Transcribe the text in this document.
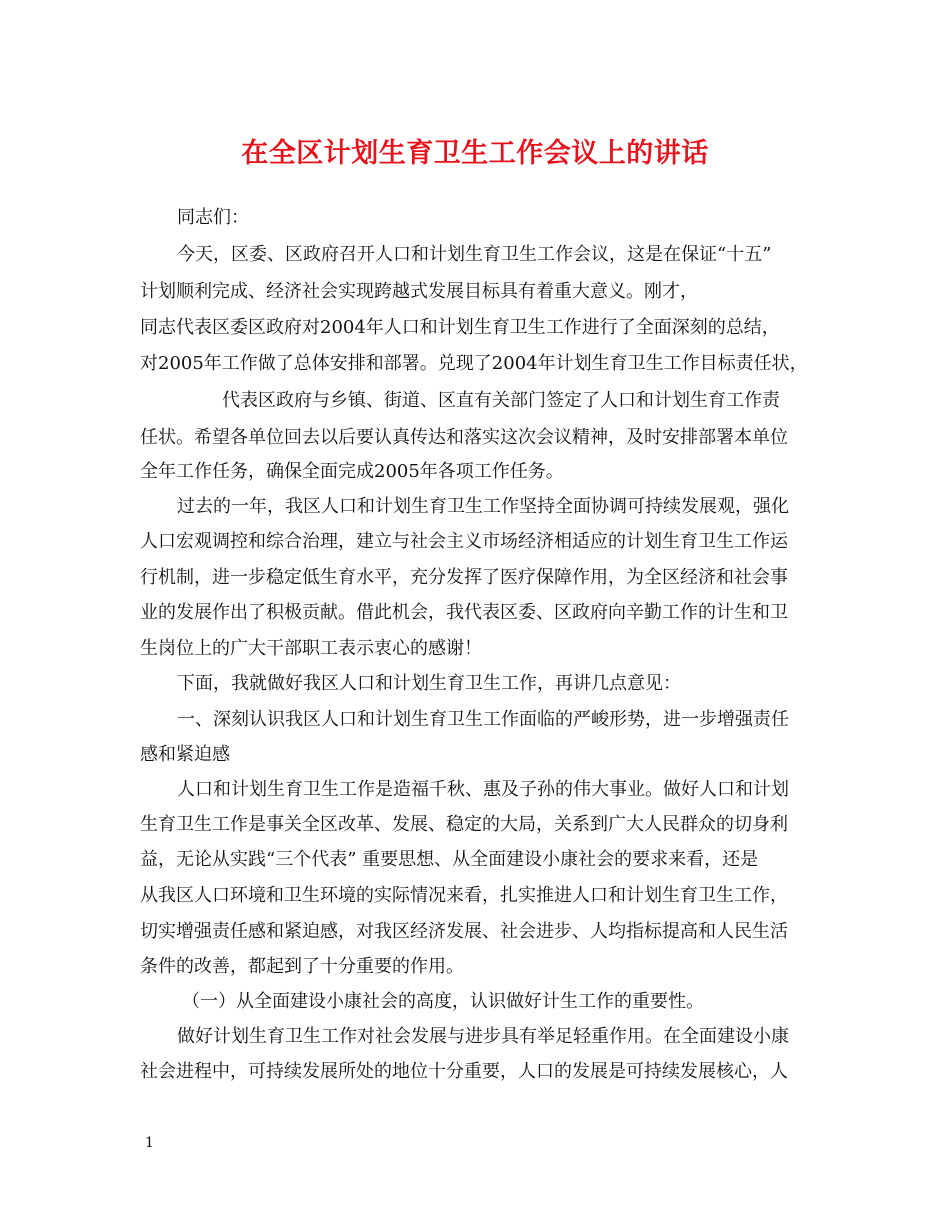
在全区计划生育卫生工作会议上的讲话
同志们：
今天，区委、区政府召开人口和计划生育卫生工作会议，这是在保证“十五”
计划顺利完成、经济社会实现跨越式发展目标具有着重大意义。刚才，
同志代表区委区政府对2004年人口和计划生育卫生工作进行了全面深刻的总结，
对2005年工作做了总体安排和部署。兑现了2004年计划生育卫生工作目标责任状，
代表区政府与乡镇、街道、区直有关部门签定了人口和计划生育工作责
任状。希望各单位回去以后要认真传达和落实这次会议精神，及时安排部署本单位
全年工作任务，确保全面完成2005年各项工作任务。
过去的一年，我区人口和计划生育卫生工作坚持全面协调可持续发展观，强化
人口宏观调控和综合治理，建立与社会主义市场经济相适应的计划生育卫生工作运
行机制，进一步稳定低生育水平，充分发挥了医疗保障作用，为全区经济和社会事
业的发展作出了积极贡献。借此机会，我代表区委、区政府向辛勤工作的计生和卫
生岗位上的广大干部职工表示衷心的感谢！
下面，我就做好我区人口和计划生育卫生工作，再讲几点意见：
一、深刻认识我区人口和计划生育卫生工作面临的严峻形势，进一步增强责任
感和紧迫感
人口和计划生育卫生工作是造福千秋、惠及子孙的伟大事业。做好人口和计划
生育卫生工作是事关全区改革、发展、稳定的大局，关系到广大人民群众的切身利
益，无论从实践“三个代表” 重要思想、从全面建设小康社会的要求来看，还是
从我区人口环境和卫生环境的实际情况来看，扎实推进人口和计划生育卫生工作，
切实增强责任感和紧迫感，对我区经济发展、社会进步、人均指标提高和人民生活
条件的改善，都起到了十分重要的作用。
（一）从全面建设小康社会的高度，认识做好计生工作的重要性。
做好计划生育卫生工作对社会发展与进步具有举足轻重作用。在全面建设小康
社会进程中，可持续发展所处的地位十分重要，人口的发展是可持续发展核心，人
1
